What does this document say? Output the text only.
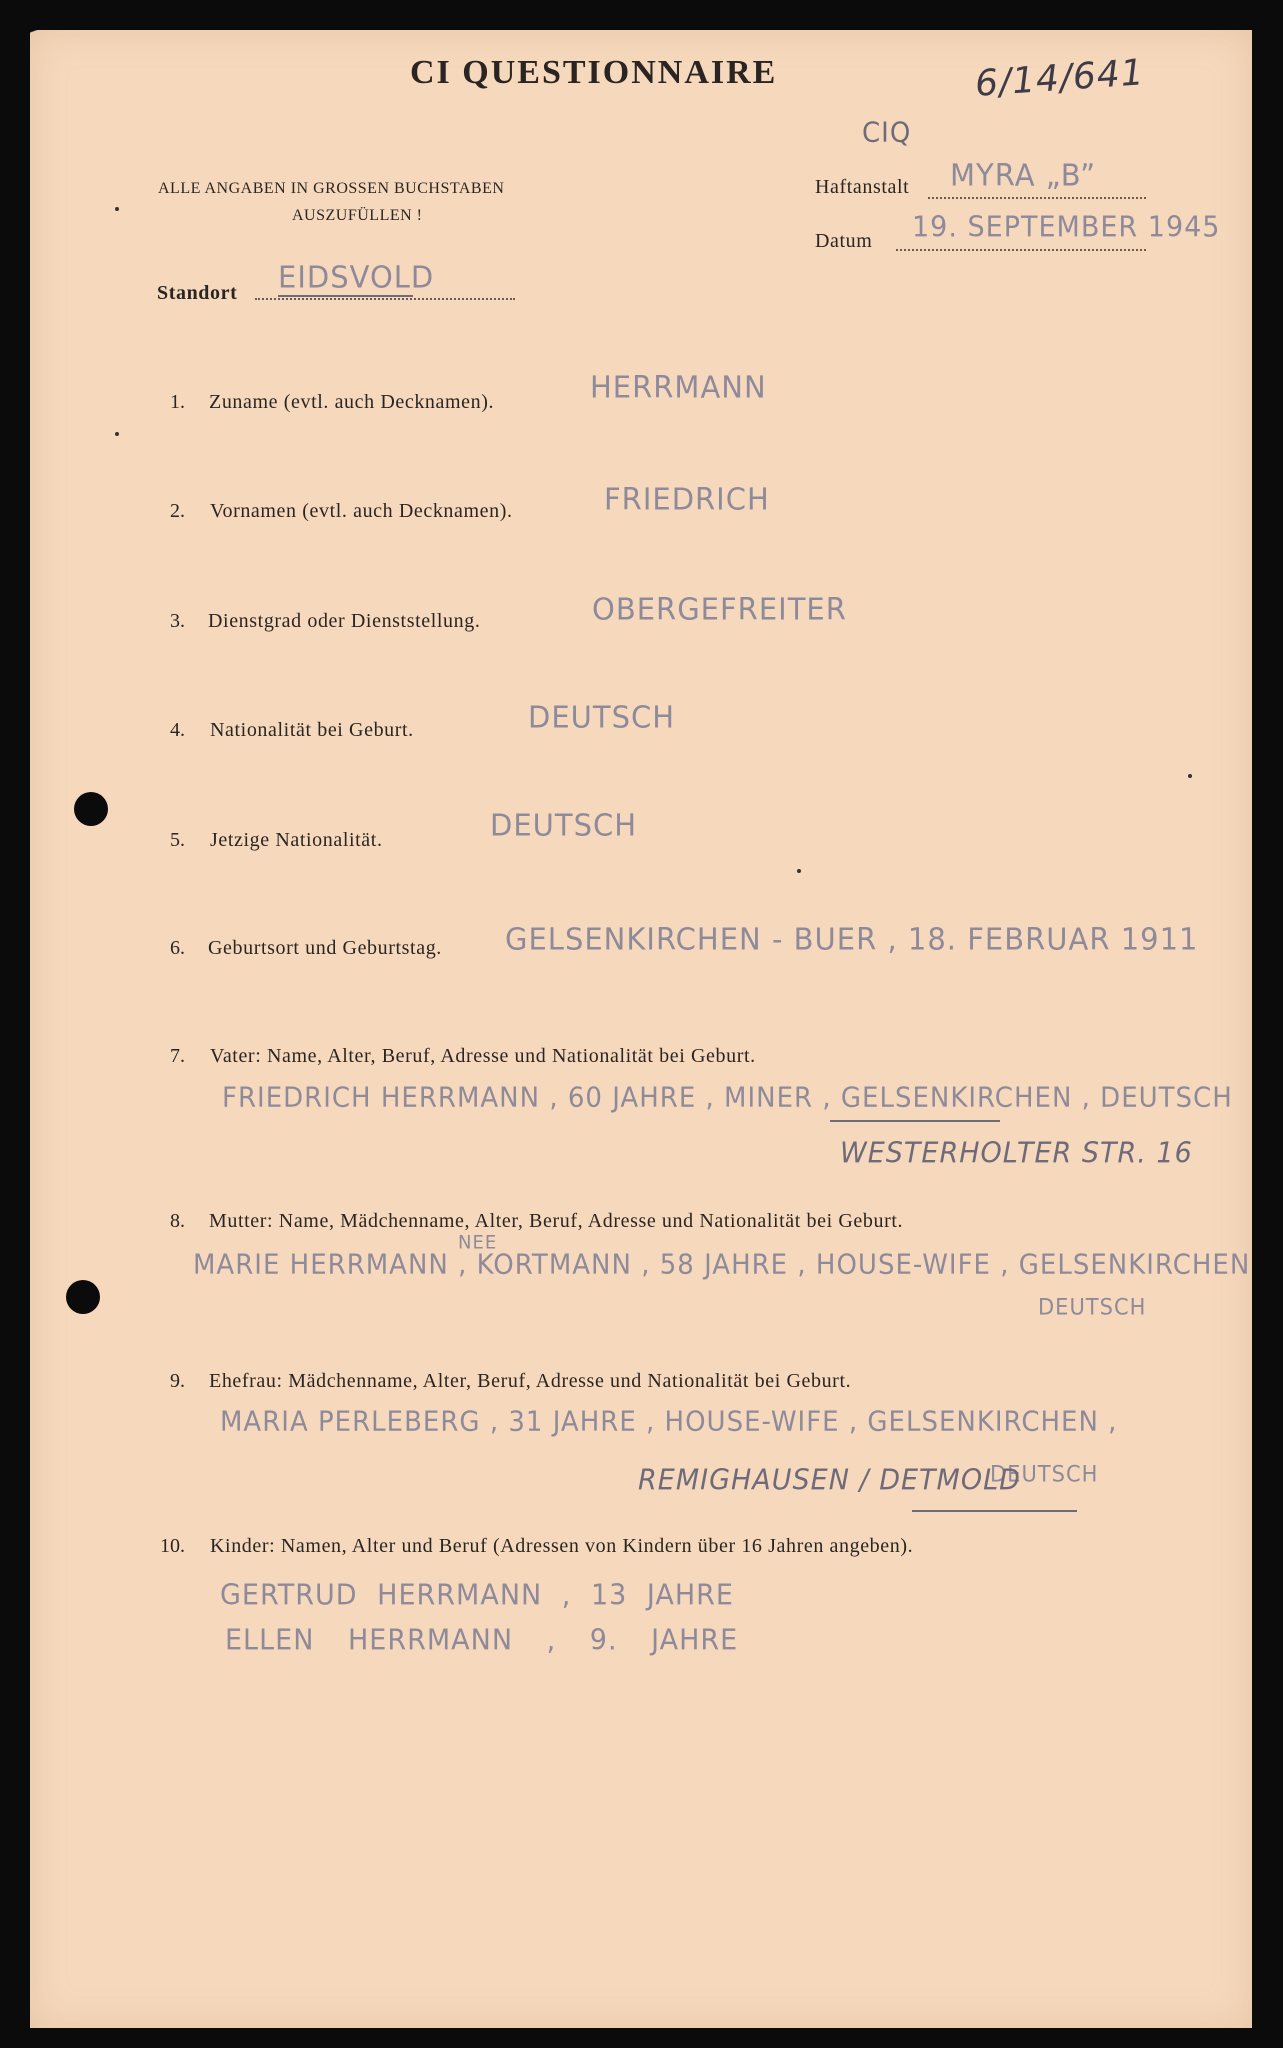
CI QUESTIONNAIRE	6/14/641
CIQ
ALLE ANGABEN IN GROSSEN BUCHSTABEN
AUSZUFÜLLEN !
Haftanstalt MYRA „B”
Datum 19. SEPTEMBER 1945
Standort EIDSVOLD
1. Zuname (evtl. auch Decknamen).	HERRMANN
2. Vornamen (evtl. auch Decknamen).	FRIEDRICH
3. Dienstgrad oder Dienststellung.	OBERGEFREITER
4. Nationalität bei Geburt.	DEUTSCH
5. Jetzige Nationalität.	DEUTSCH
6. Geburtsort und Geburtstag. GELSENKIRCHEN - BUER , 18. FEBRUAR 1911
7. Vater: Name, Alter, Beruf, Adresse und Nationalität bei Geburt.
FRIEDRICH HERRMANN , 60 JAHRE , MINER , GELSENKIRCHEN , DEUTSCH
WESTERHOLTER STR. 16
8. Mutter: Name, Mädchenname, Alter, Beruf, Adresse und Nationalität bei Geburt.
NEE
MARIE HERRMANN , KORTMANN , 58 JAHRE , HOUSE-WIFE , GELSENKIRCHEN
DEUTSCH
9. Ehefrau: Mädchenname, Alter, Beruf, Adresse und Nationalität bei Geburt.
MARIA PERLEBERG , 31 JAHRE , HOUSE-WIFE , GELSENKIRCHEN ,
DEUTSCH
REMIGHAUSEN / DETMOLD
10. Kinder: Namen, Alter und Beruf (Adressen von Kindern über 16 Jahren angeben).
GERTRUD HERRMANN , 13 JAHRE
ELLEN HERRMANN , 9. JAHRE
